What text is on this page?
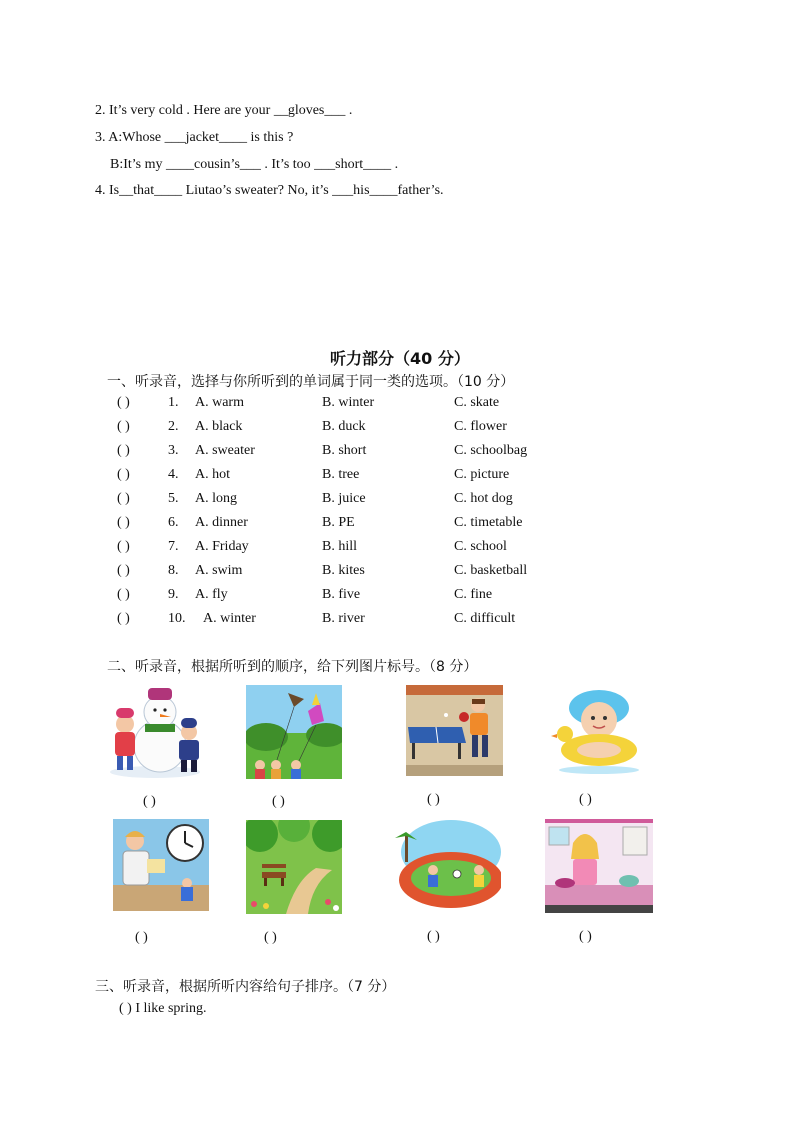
2. It’s very cold . Here are your __gloves___ .
3. A:Whose ___jacket____ is this ?
B:It’s my ____cousin’s___ . It’s too ___short____ .
4. Is__that____ Liutao’s sweater? No, it’s ___his____father’s.
听力部分（40 分）
一、听录音，选择与你所听到的单词属于同一类的选项。（10 分）
( )	1. A. warm	B. winter	C. skate
( )	2. A. black	B. duck	C. flower
( )	3. A. sweater	B. short	C. schoolbag
( )	4. A. hot	B. tree	C. picture
( )	5. A. long	B. juice	C. hot dog
( )	6. A. dinner	B. PE	C. timetable
( )	7. A. Friday	B. hill	C. school
( )	8. A. swim	B. kites	C. basketball
( )	9. A. fly	B. five	C. fine
( )	10. A. winter	B. river	C. difficult
二、听录音，根据所听到的顺序，给下列图片标号。（8 分）
( )	( )	( )	( )
( )	( )	( )	( )
三、听录音，根据所听内容给句子排序。（7 分）
( ) I like spring.
